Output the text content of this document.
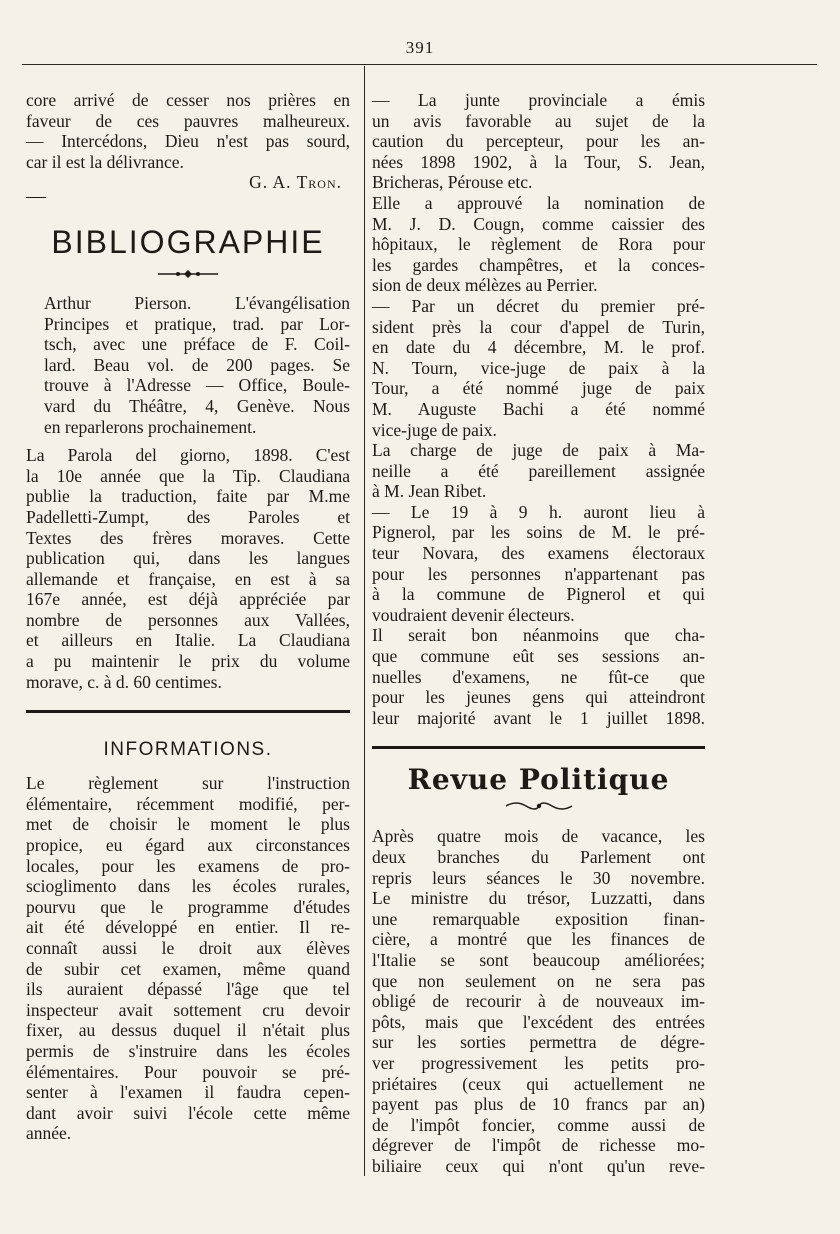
391
core arrivé de cesser nos prières en
faveur de ces pauvres malheureux.
— Intercédons, Dieu n'est pas sourd,
car il est la délivrance.
G. A. Tron.
BIBLIOGRAPHIE
Arthur Pierson. L'évangélisation
Principes et pratique, trad. par Lor-
tsch, avec une préface de F. Coil-
lard. Beau vol. de 200 pages. Se
trouve à l'Adresse — Office, Boule-
vard du Théâtre, 4, Genève. Nous
en reparlerons prochainement.
La Parola del giorno, 1898. C'est
la 10e année que la Tip. Claudiana
publie la traduction, faite par M.me
Padelletti-Zumpt, des Paroles et
Textes des frères moraves. Cette
publication qui, dans les langues
allemande et française, en est à sa
167e année, est déjà appréciée par
nombre de personnes aux Vallées,
et ailleurs en Italie. La Claudiana
a pu maintenir le prix du volume
morave, c. à d. 60 centimes.
INFORMATIONS.
Le règlement sur l'instruction
élémentaire, récemment modifié, per-
met de choisir le moment le plus
propice, eu égard aux circonstances
locales, pour les examens de pro-
scioglimento dans les écoles rurales,
pourvu que le programme d'études
ait été développé en entier. Il re-
connaît aussi le droit aux élèves
de subir cet examen, même quand
ils auraient dépassé l'âge que tel
inspecteur avait sottement cru devoir
fixer, au dessus duquel il n'était plus
permis de s'instruire dans les écoles
élémentaires. Pour pouvoir se pré-
senter à l'examen il faudra cepen-
dant avoir suivi l'école cette même
année.
— La junte provinciale a émis
un avis favorable au sujet de la
caution du percepteur, pour les an-
nées 1898 1902, à la Tour, S. Jean,
Bricheras, Pérouse etc.
Elle a approuvé la nomination de
M. J. D. Cougn, comme caissier des
hôpitaux, le règlement de Rora pour
les gardes champêtres, et la conces-
sion de deux mélèzes au Perrier.
— Par un décret du premier pré-
sident près la cour d'appel de Turin,
en date du 4 décembre, M. le prof.
N. Tourn, vice-juge de paix à la
Tour, a été nommé juge de paix
M. Auguste Bachi a été nommé
vice-juge de paix.
La charge de juge de paix à Ma-
neille a été pareillement assignée
à M. Jean Ribet.
— Le 19 à 9 h. auront lieu à
Pignerol, par les soins de M. le pré-
teur Novara, des examens électoraux
pour les personnes n'appartenant pas
à la commune de Pignerol et qui
voudraient devenir électeurs.
Il serait bon néanmoins que cha-
que commune eût ses sessions an-
nuelles d'examens, ne fût-ce que
pour les jeunes gens qui atteindront
leur majorité avant le 1 juillet 1898.
Revue Politique
Après quatre mois de vacance, les
deux branches du Parlement ont
repris leurs séances le 30 novembre.
Le ministre du trésor, Luzzatti, dans
une remarquable exposition finan-
cière, a montré que les finances de
l'Italie se sont beaucoup améliorées;
que non seulement on ne sera pas
obligé de recourir à de nouveaux im-
pôts, mais que l'excédent des entrées
sur les sorties permettra de dégre-
ver progressivement les petits pro-
priétaires (ceux qui actuellement ne
payent pas plus de 10 francs par an)
de l'impôt foncier, comme aussi de
dégrever de l'impôt de richesse mo-
biliaire ceux qui n'ont qu'un reve-
